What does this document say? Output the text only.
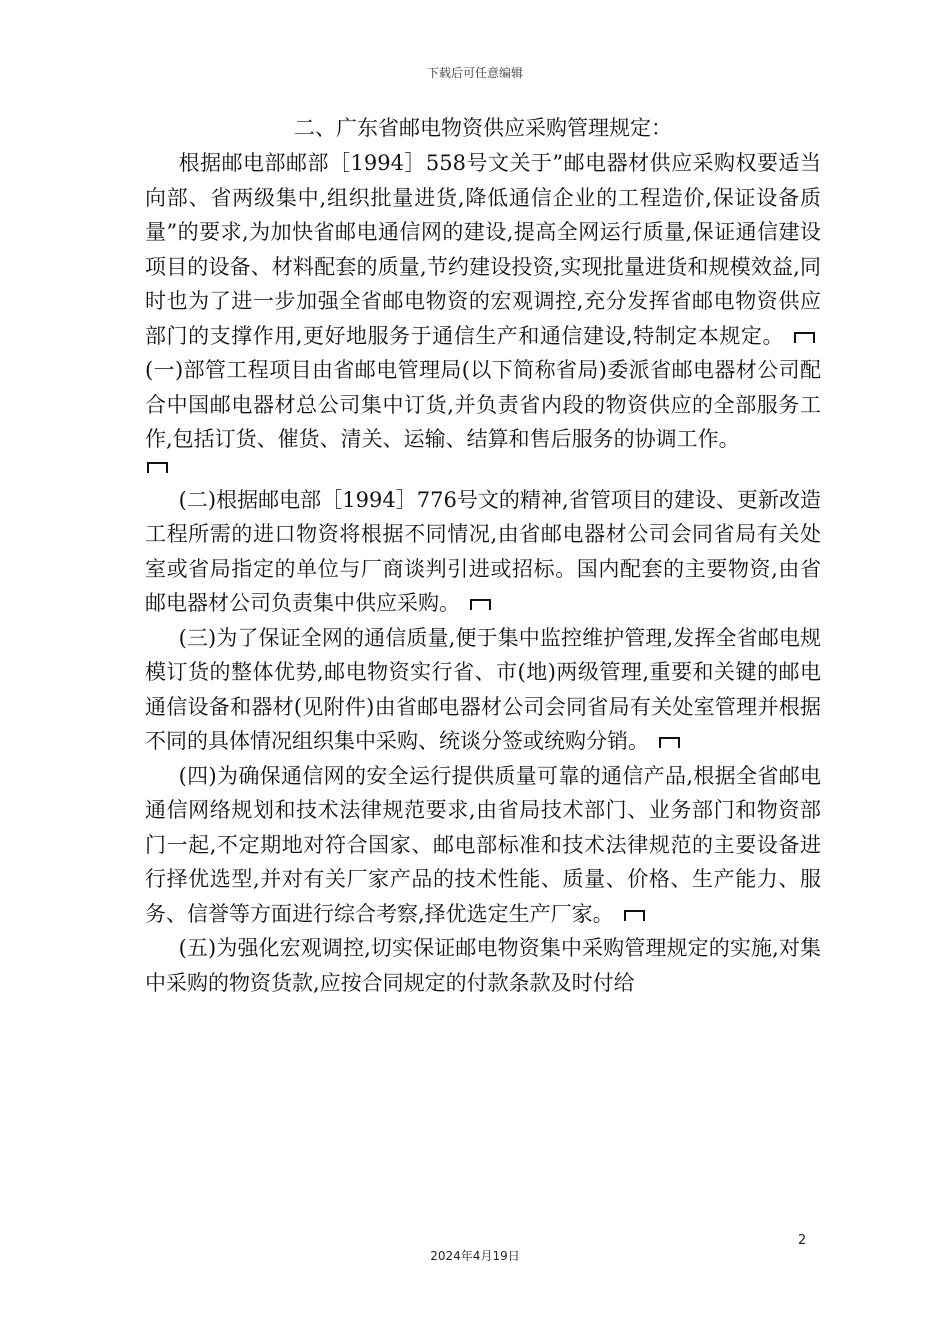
下载后可任意编辑

二、广东省邮电物资供应采购管理规定：

根据邮电部邮部［1994］558号文关于”邮电器材供应采购权要适当向部、省两级集中,组织批量进货,降低通信企业的工程造价,保证设备质量”的要求,为加快省邮电通信网的建设,提高全网运行质量,保证通信建设项目的设备、材料配套的质量,节约建设投资,实现批量进货和规模效益,同时也为了进一步加强全省邮电物资的宏观调控,充分发挥省邮电物资供应部门的支撑作用,更好地服务于通信生产和通信建设,特制定本规定。(一)部管工程项目由省邮电管理局(以下简称省局)委派省邮电器材公司配合中国邮电器材总公司集中订货,并负责省内段的物资供应的全部服务工作,包括订货、催货、清关、运输、结算和售后服务的协调工作。

(二)根据邮电部［1994］776号文的精神,省管项目的建设、更新改造工程所需的进口物资将根据不同情况,由省邮电器材公司会同省局有关处室或省局指定的单位与厂商谈判引进或招标。国内配套的主要物资,由省邮电器材公司负责集中供应采购。

(三)为了保证全网的通信质量,便于集中监控维护管理,发挥全省邮电规模订货的整体优势,邮电物资实行省、市(地)两级管理,重要和关键的邮电通信设备和器材(见附件)由省邮电器材公司会同省局有关处室管理并根据不同的具体情况组织集中采购、统谈分签或统购分销。

(四)为确保通信网的安全运行提供质量可靠的通信产品,根据全省邮电通信网络规划和技术法律规范要求,由省局技术部门、业务部门和物资部门一起,不定期地对符合国家、邮电部标准和技术法律规范的主要设备进行择优选型,并对有关厂家产品的技术性能、质量、价格、生产能力、服务、信誉等方面进行综合考察,择优选定生产厂家。

(五)为强化宏观调控,切实保证邮电物资集中采购管理规定的实施,对集中采购的物资货款,应按合同规定的付款条款及时付给

2
2024年4月19日
